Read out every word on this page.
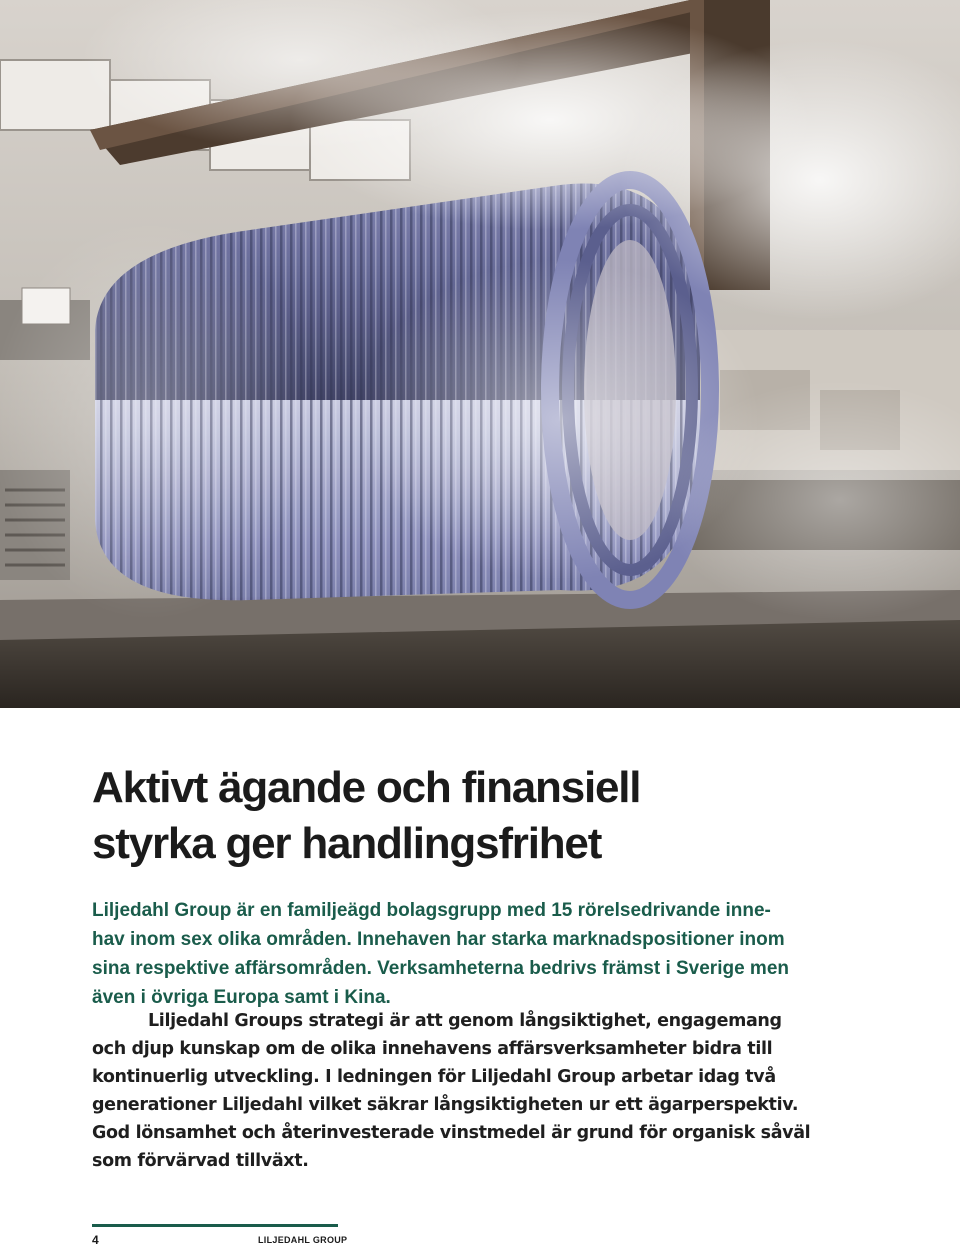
Aktivt ägande och finansiell
styrka ger handlingsfrihet
Liljedahl Group är en familjeägd bolagsgrupp med 15 rörelsedrivande inne-
hav inom sex olika områden. Innehaven har starka marknadspositioner inom
sina respektive affärsområden. Verksamheterna bedrivs främst i Sverige men
även i övriga Europa samt i Kina.
Liljedahl Groups strategi är att genom långsiktighet, engagemang
och djup kunskap om de olika innehavens affärsverksamheter bidra till
kontinuerlig utveckling. I ledningen för Liljedahl Group arbetar idag två
generationer Liljedahl vilket säkrar långsiktigheten ur ett ägarperspektiv.
God lönsamhet och återinvesterade vinstmedel är grund för organisk såväl
som förvärvad tillväxt.
4	LILJEDAHL GROUP
